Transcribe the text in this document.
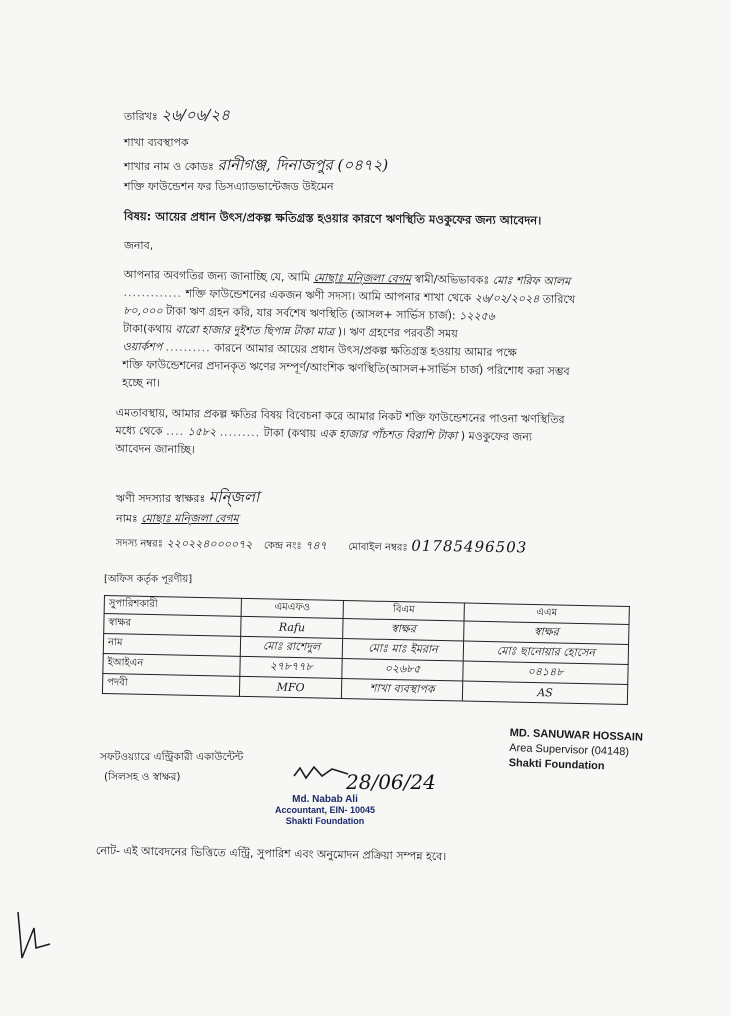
তারিখঃ ২৬/০৬/২৪
শাখা ব্যবস্থাপক
শাখার নাম ও কোডঃ রানীগঞ্জ, দিনাজপুর (০৪৭২)
শক্তি ফাউন্ডেশন ফর ডিসএ্যাডভান্টেজড উইমেন
বিষয়: আয়ের প্রধান উৎস/প্রকল্প ক্ষতিগ্রস্ত হওয়ার কারণে ঋণস্থিতি মওকুফের জন্য আবেদন।
জনাব,
আপনার অবগতির জন্য জানাচ্ছি যে, আমি মোছাঃ মন্জিলা বেগম স্বামী/অভিভাবকঃ মোঃ শরিফ আলম
............. শক্তি ফাউন্ডেশনের একজন ঋণী সদস্য। আমি আপনার শাখা থেকে ২৬/০২/২০২৪ তারিখে
৮০,০০০ টাকা ঋণ গ্রহন করি, যার সর্বশেষ ঋণস্থিতি (আসল+ সার্ভিস চার্জ): ১২২৫৬
টাকা(কথায় বারো হাজার দুইশত ছিপান্ন টাকা মাত্র )। ঋণ গ্রহণের পরবর্তী সময়
ওয়ার্কশপ .......... কারনে আমার আয়ের প্রধান উৎস/প্রকল্প ক্ষতিগ্রস্ত হওয়ায় আমার পক্ষে
শক্তি ফাউন্ডেশনের প্রদানকৃত ঋণের সম্পূর্ণ/আংশিক ঋণস্থিতি(আসল+সার্ভিস চার্জ) পরিশোধ করা সম্ভব
হচ্ছে না।
এমতাবস্থায়, আমার প্রকল্প ক্ষতির বিষয় বিবেচনা করে আমার নিকট শক্তি ফাউন্ডেশনের পাওনা ঋণস্থিতির
মধ্যে থেকে .... ১৫৮২ ......... টাকা (কথায় এক হাজার পাঁচশত বিরাশি টাকা ) মওকুফের জন্য
আবেদন জানাচ্ছি।
ঋণী সদস্যার স্বাক্ষরঃ মন্জিলা
নামঃ মোছাঃ মন্জিলা বেগম
সদস্য নম্বরঃ ২২০২২৪০০০০৭২ কেন্দ্র নংঃ ৭৪৭ মোবাইল নম্বরঃ 01785496503
[অফিস কর্তৃক পূরণীয়]
সুপারিশকারী	এমএফও	বিএম	এএম
স্বাক্ষর	Rafu	স্বাক্ষর	স্বাক্ষর
নাম	মোঃ রাশেদুল	মোঃ মাঃ ইমরান	মোঃ ছানোয়ার হোসেন
ইআইএন	২৭৮৭৭৮	০২৬৮৫	০৪১৪৮
পদবী	MFO	শাখা ব্যবস্থাপক	AS
MD. SANUWAR HOSSAIN
Area Supervisor (04148)
Shakti Foundation
সফটওয়্যারে এন্ট্রিকারী একাউন্টেন্ট
(সিলসহ ও স্বাক্ষর)	28/06/24
Md. Nabab Ali
Accountant, EIN- 10045
Shakti Foundation
নোট- এই আবেদনের ভিত্তিতে এন্ট্রি, সুপারিশ এবং অনুমোদন প্রক্রিয়া সম্পন্ন হবে।
